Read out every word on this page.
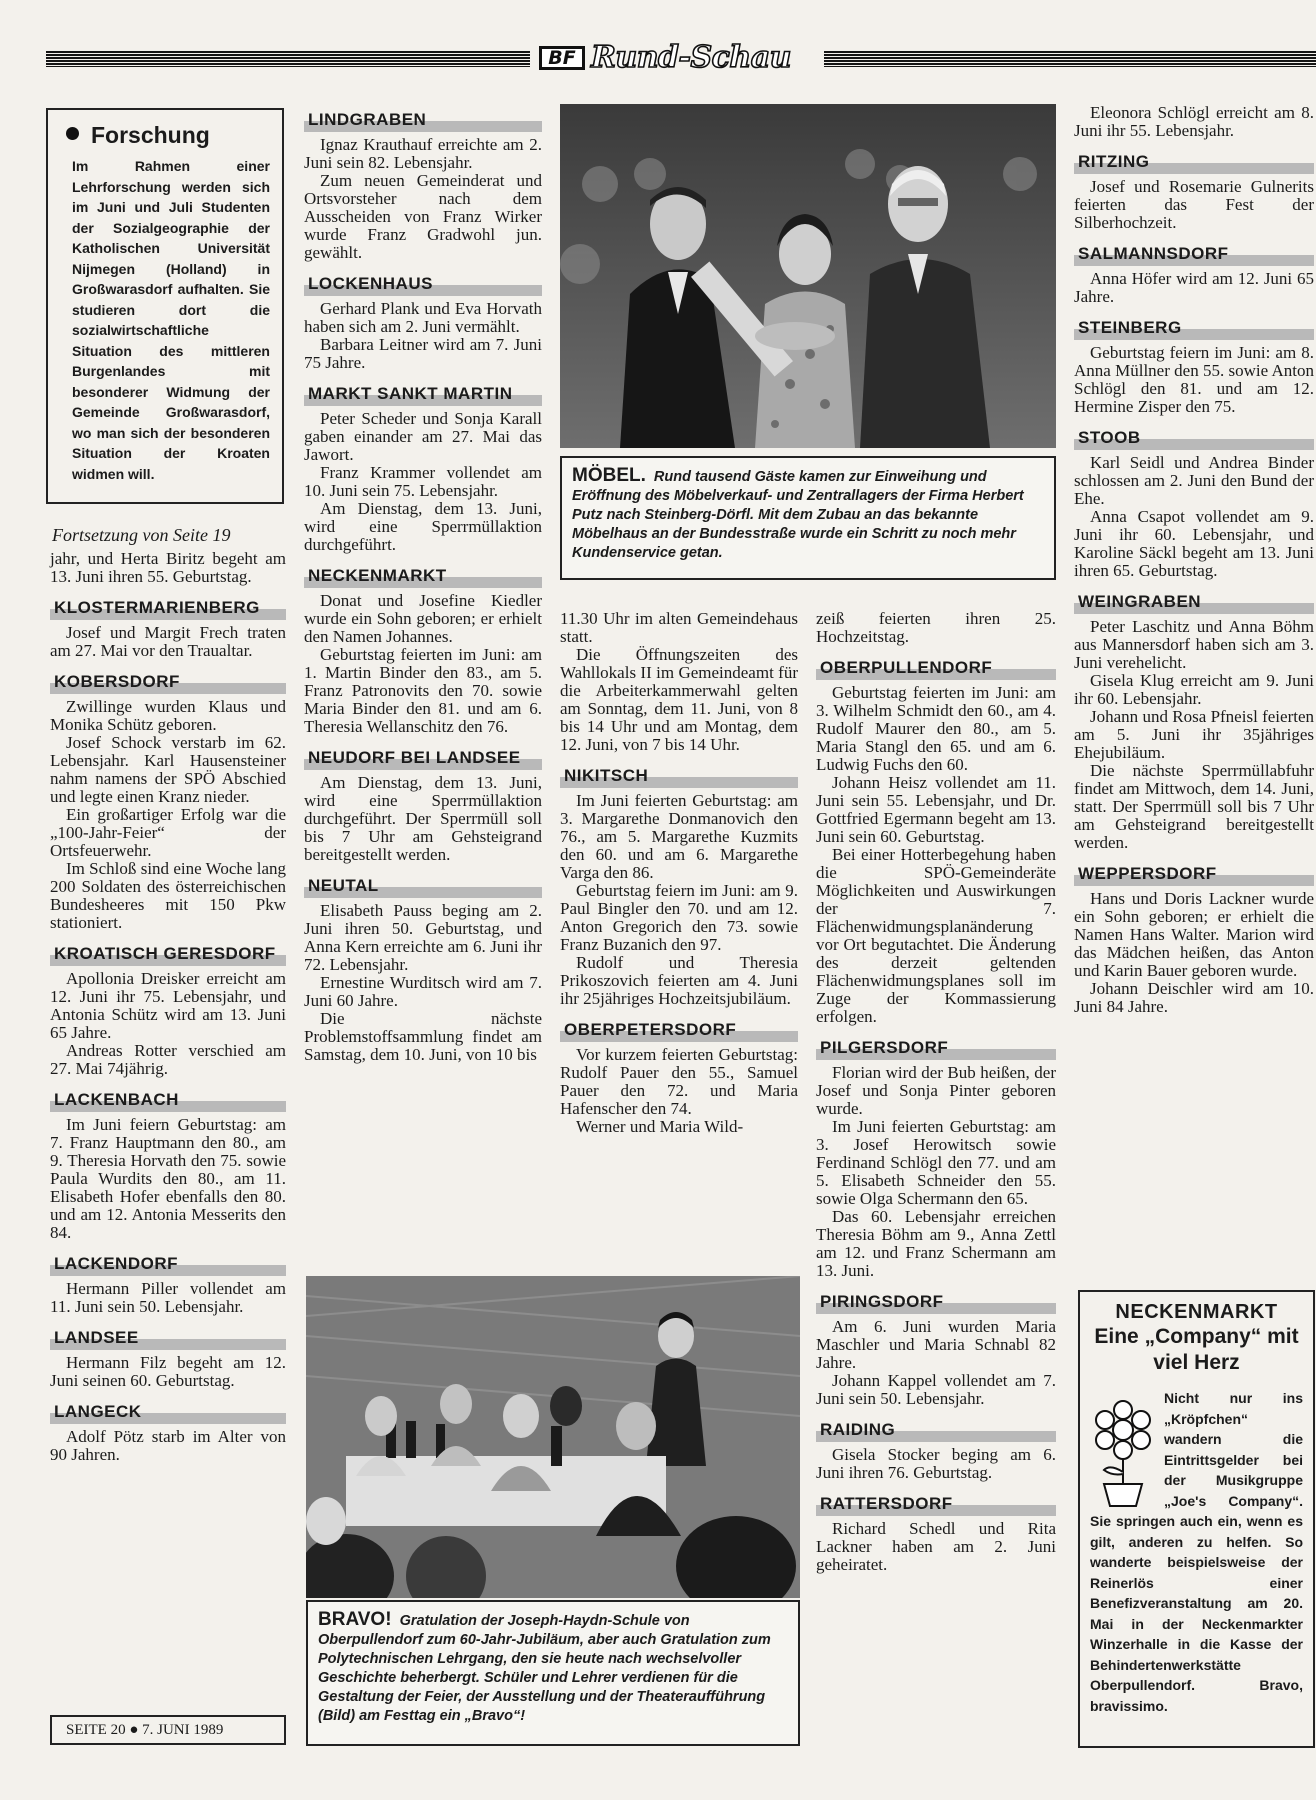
BF Rund-Schau
Forschung

Im Rahmen einer Lehrforschung werden sich im Juni und Juli Studenten der Sozialgeographie der Katholischen Universität Nijmegen (Holland) in Großwarasdorf aufhalten. Sie studieren dort die sozialwirtschaftliche Situation des mittleren Burgenlandes mit besonderer Widmung der Gemeinde Großwarasdorf, wo man sich der besonderen Situation der Kroaten widmen will.

Fortsetzung von Seite 19

jahr, und Herta Biritz begeht am 13. Juni ihren 55. Geburtstag.

KLOSTERMARIENBERG

Josef und Margit Frech traten am 27. Mai vor den Traualtar.

KOBERSDORF

Zwillinge wurden Klaus und Monika Schütz geboren.

Josef Schock verstarb im 62. Lebensjahr. Karl Hausensteiner nahm namens der SPÖ Abschied und legte einen Kranz nieder.

Ein großartiger Erfolg war die „100-Jahr-Feier“ der Ortsfeuerwehr.

Im Schloß sind eine Woche lang 200 Soldaten des österreichischen Bundesheeres mit 150 Pkw stationiert.

KROATISCH GERESDORF

Apollonia Dreisker erreicht am 12. Juni ihr 75. Lebensjahr, und Antonia Schütz wird am 13. Juni 65 Jahre.

Andreas Rotter verschied am 27. Mai 74jährig.

LACKENBACH

Im Juni feiern Geburtstag: am 7. Franz Hauptmann den 80., am 9. Theresia Horvath den 75. sowie Paula Wurdits den 80., am 11. Elisabeth Hofer ebenfalls den 80. und am 12. Antonia Messerits den 84.

LACKENDORF

Hermann Piller vollendet am 11. Juni sein 50. Lebensjahr.

LANDSEE

Hermann Filz begeht am 12. Juni seinen 60. Geburtstag.

LANGECK

Adolf Pötz starb im Alter von 90 Jahren.

SEITE 20 ● 7. JUNI 1989
LINDGRABEN

Ignaz Krauthauf erreichte am 2. Juni sein 82. Lebensjahr.

Zum neuen Gemeinderat und Ortsvorsteher nach dem Ausscheiden von Franz Wirker wurde Franz Gradwohl jun. gewählt.

LOCKENHAUS

Gerhard Plank und Eva Horvath haben sich am 2. Juni vermählt.

Barbara Leitner wird am 7. Juni 75 Jahre.

MARKT SANKT MARTIN

Peter Scheder und Sonja Karall gaben einander am 27. Mai das Jawort.

Franz Krammer vollendet am 10. Juni sein 75. Lebensjahr.

Am Dienstag, dem 13. Juni, wird eine Sperrmüllaktion durchgeführt.

NECKENMARKT

Donat und Josefine Kiedler wurde ein Sohn geboren; er erhielt den Namen Johannes.

Geburtstag feierten im Juni: am 1. Martin Binder den 83., am 5. Franz Patronovits den 70. sowie Maria Binder den 81. und am 6. Theresia Wellanschitz den 76.

NEUDORF BEI LANDSEE

Am Dienstag, dem 13. Juni, wird eine Sperrmüllaktion durchgeführt. Der Sperrmüll soll bis 7 Uhr am Gehsteigrand bereitgestellt werden.

NEUTAL

Elisabeth Pauss beging am 2. Juni ihren 50. Geburtstag, und Anna Kern erreichte am 6. Juni ihr 72. Lebensjahr.

Ernestine Wurditsch wird am 7. Juni 60 Jahre.

Die nächste Problemstoffsammlung findet am Samstag, dem 10. Juni, von 10 bis

MÖBEL. Rund tausend Gäste kamen zur Einweihung und Eröffnung des Möbelverkauf- und Zentrallagers der Firma Herbert Putz nach Steinberg-Dörfl. Mit dem Zubau an das bekannte Möbelhaus an der Bundesstraße wurde ein Schritt zu noch mehr Kundenservice getan.

11.30 Uhr im alten Gemeindehaus statt.

Die Öffnungszeiten des Wahllokals II im Gemeindeamt für die Arbeiterkammerwahl gelten am Sonntag, dem 11. Juni, von 8 bis 14 Uhr und am Montag, dem 12. Juni, von 7 bis 14 Uhr.

NIKITSCH

Im Juni feierten Geburtstag: am 3. Margarethe Donmanovich den 76., am 5. Margarethe Kuzmits den 60. und am 6. Margarethe Varga den 86.

Geburtstag feiern im Juni: am 9. Paul Bingler den 70. und am 12. Anton Gregorich den 73. sowie Franz Buzanich den 97.

Rudolf und Theresia Prikoszovich feierten am 4. Juni ihr 25jähriges Hochzeitsjubiläum.

OBERPETERSDORF

Vor kurzem feierten Geburtstag: Rudolf Pauer den 55., Samuel Pauer den 72. und Maria Hafenscher den 74.

Werner und Maria Wild-

zeiß feierten ihren 25. Hochzeitstag.

OBERPULLENDORF

Geburtstag feierten im Juni: am 3. Wilhelm Schmidt den 60., am 4. Rudolf Maurer den 80., am 5. Maria Stangl den 65. und am 6. Ludwig Fuchs den 60.

Johann Heisz vollendet am 11. Juni sein 55. Lebensjahr, und Dr. Gottfried Egermann begeht am 13. Juni sein 60. Geburtstag.

Bei einer Hotterbegehung haben die SPÖ-Gemeinderäte Möglichkeiten und Auswirkungen der 7. Flächenwidmungsplanänderung vor Ort begutachtet. Die Änderung des derzeit geltenden Flächenwidmungsplanes soll im Zuge der Kommassierung erfolgen.

PILGERSDORF

Florian wird der Bub heißen, der Josef und Sonja Pinter geboren wurde.

Im Juni feierten Geburtstag: am 3. Josef Herowitsch sowie Ferdinand Schlögl den 77. und am 5. Elisabeth Schneider den 55. sowie Olga Schermann den 65.

Das 60. Lebensjahr erreichen Theresia Böhm am 9., Anna Zettl am 12. und Franz Schermann am 13. Juni.

PIRINGSDORF

Am 6. Juni wurden Maria Maschler und Maria Schnabl 82 Jahre.

Johann Kappel vollendet am 7. Juni sein 50. Lebensjahr.

RAIDING

Gisela Stocker beging am 6. Juni ihren 76. Geburtstag.

RATTERSDORF

Richard Schedl und Rita Lackner haben am 2. Juni geheiratet.

BRAVO! Gratulation der Joseph-Haydn-Schule von Oberpullendorf zum 60-Jahr-Jubiläum, aber auch Gratulation zum Polytechnischen Lehrgang, den sie heute nach wechselvoller Geschichte beherbergt. Schüler und Lehrer verdienen für die Gestaltung der Feier, der Ausstellung und der Theateraufführung (Bild) am Festtag ein „Bravo“!

Eleonora Schlögl erreicht am 8. Juni ihr 55. Lebensjahr.

RITZING

Josef und Rosemarie Gulnerits feierten das Fest der Silberhochzeit.

SALMANNSDORF

Anna Höfer wird am 12. Juni 65 Jahre.

STEINBERG

Geburtstag feiern im Juni: am 8. Anna Müllner den 55. sowie Anton Schlögl den 81. und am 12. Hermine Zisper den 75.

STOOB

Karl Seidl und Andrea Binder schlossen am 2. Juni den Bund der Ehe.

Anna Csapot vollendet am 9. Juni ihr 60. Lebensjahr, und Karoline Säckl begeht am 13. Juni ihren 65. Geburtstag.

WEINGRABEN

Peter Laschitz und Anna Böhm aus Mannersdorf haben sich am 3. Juni verehelicht.

Gisela Klug erreicht am 9. Juni ihr 60. Lebensjahr.

Johann und Rosa Pfneisl feierten am 5. Juni ihr 35jähriges Ehejubiläum.

Die nächste Sperrmüllabfuhr findet am Mittwoch, dem 14. Juni, statt. Der Sperrmüll soll bis 7 Uhr am Gehsteigrand bereitgestellt werden.

WEPPERSDORF

Hans und Doris Lackner wurde ein Sohn geboren; er erhielt die Namen Hans Walter. Marion wird das Mädchen heißen, das Anton und Karin Bauer geboren wurde.

Johann Deischler wird am 10. Juni 84 Jahre.

NECKENMARKT
Eine „Company“ mit viel Herz
Nicht nur ins „Kröpfchen“ wandern die Eintrittsgelder bei der Musikgruppe „Joe's Company“. Sie springen auch ein, wenn es gilt, anderen zu helfen. So wanderte beispielsweise der Reinerlös einer Benefizveranstaltung am 20. Mai in der Neckenmarkter Winzerhalle in die Kasse der Behindertenwerkstätte Oberpullendorf. Bravo, bravissimo.
